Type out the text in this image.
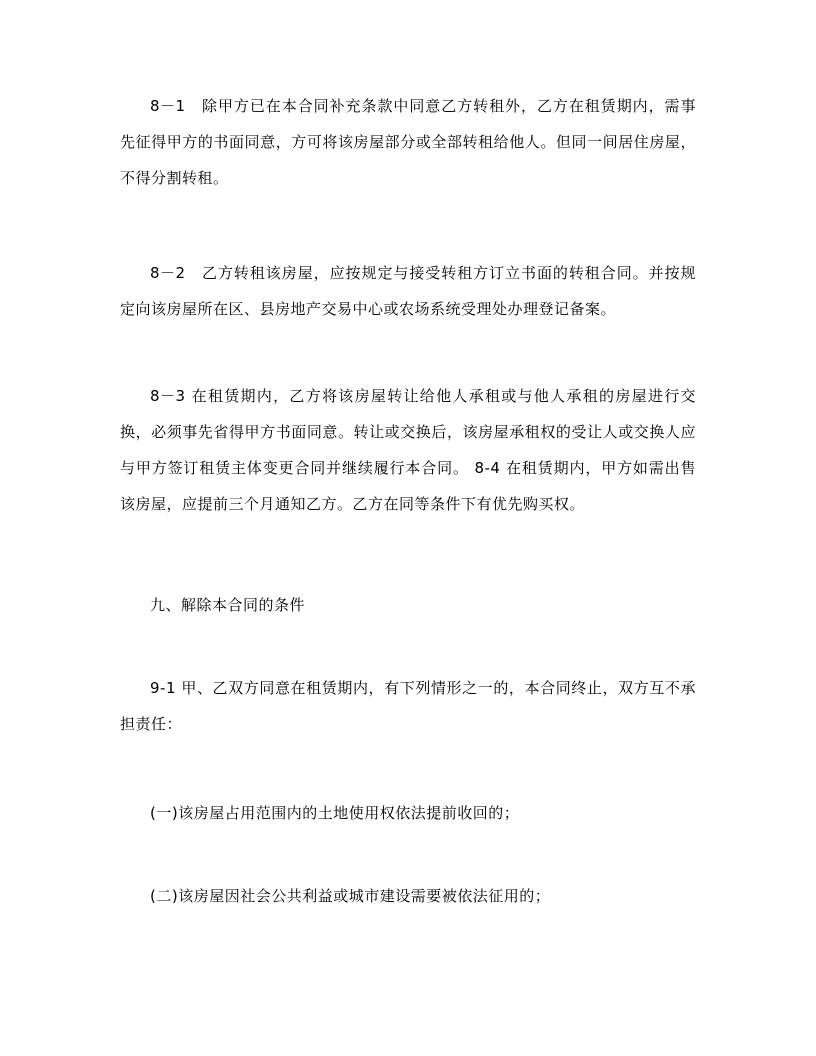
8－1　除甲方已在本合同补充条款中同意乙方转租外，乙方在租赁期内，需事先征得甲方的书面同意，方可将该房屋部分或全部转租给他人。但同一间居住房屋，不得分割转租。

8－2　乙方转租该房屋，应按规定与接受转租方订立书面的转租合同。并按规定向该房屋所在区、县房地产交易中心或农场系统受理处办理登记备案。

8－3 在租赁期内，乙方将该房屋转让给他人承租或与他人承租的房屋进行交换，必须事先省得甲方书面同意。转让或交换后，该房屋承租权的受让人或交换人应与甲方签订租赁主体变更合同并继续履行本合同。 8-4 在租赁期内，甲方如需出售该房屋，应提前三个月通知乙方。乙方在同等条件下有优先购买权。

九、解除本合同的条件

9-1 甲、乙双方同意在租赁期内，有下列情形之一的，本合同终止，双方互不承担责任：

(一)该房屋占用范围内的土地使用权依法提前收回的；

(二)该房屋因社会公共利益或城市建设需要被依法征用的；
